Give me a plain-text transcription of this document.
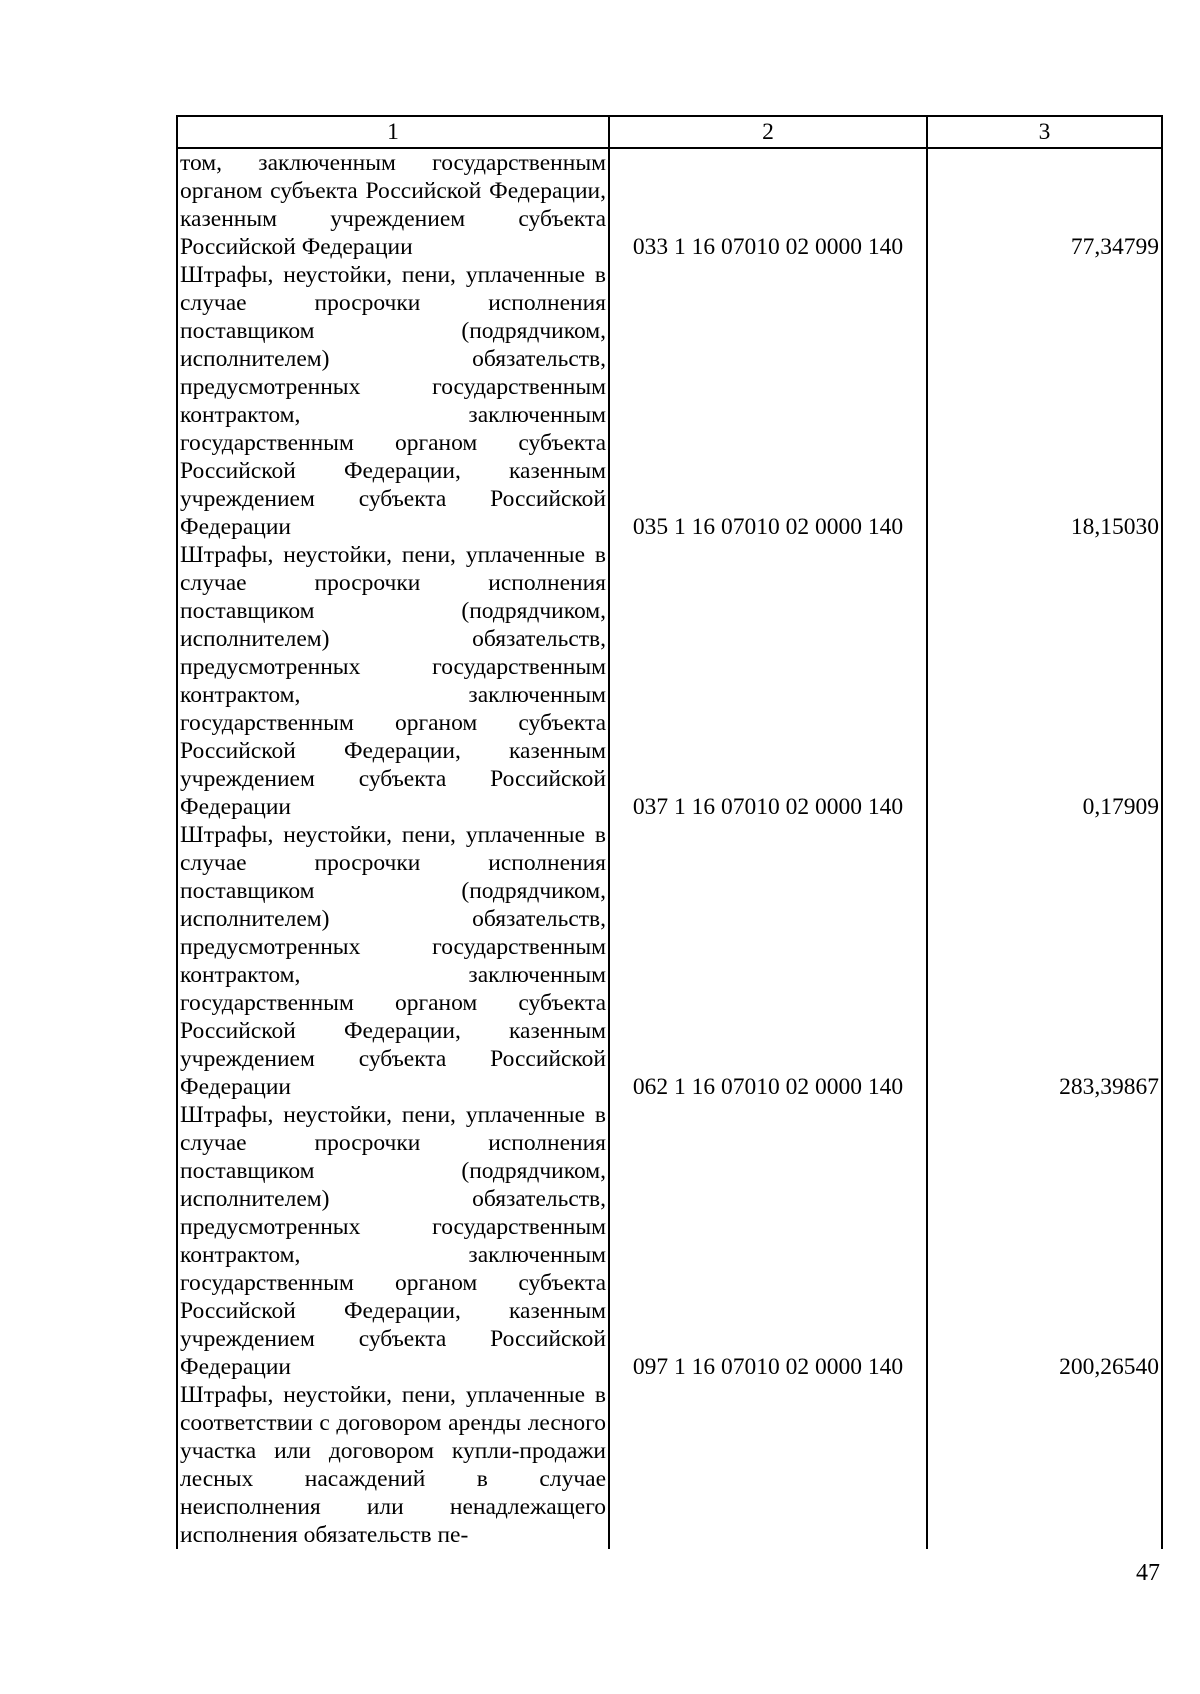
1	2	3
том, заключенным государственным органом субъекта Российской Федерации, казенным учреждением субъекта Российской Федерации	033 1 16 07010 02 0000 140	77,34799
Штрафы, неустойки, пени, уплаченные в случае просрочки исполнения поставщиком (подрядчиком, исполнителем) обязательств, предусмотренных государственным контрактом, заключенным государственным органом субъекта Российской Федерации, казенным учреждением субъекта Российской Федерации	035 1 16 07010 02 0000 140	18,15030
Штрафы, неустойки, пени, уплаченные в случае просрочки исполнения поставщиком (подрядчиком, исполнителем) обязательств, предусмотренных государственным контрактом, заключенным государственным органом субъекта Российской Федерации, казенным учреждением субъекта Российской Федерации	037 1 16 07010 02 0000 140	0,17909
Штрафы, неустойки, пени, уплаченные в случае просрочки исполнения поставщиком (подрядчиком, исполнителем) обязательств, предусмотренных государственным контрактом, заключенным государственным органом субъекта Российской Федерации, казенным учреждением субъекта Российской Федерации	062 1 16 07010 02 0000 140	283,39867
Штрафы, неустойки, пени, уплаченные в случае просрочки исполнения поставщиком (подрядчиком, исполнителем) обязательств, предусмотренных государственным контрактом, заключенным государственным органом субъекта Российской Федерации, казенным учреждением субъекта Российской Федерации	097 1 16 07010 02 0000 140	200,26540
Штрафы, неустойки, пени, уплаченные в соответствии с договором аренды лесного участка или договором купли-продажи лесных насаждений в случае неисполнения или ненадлежащего исполнения обязательств пе-		
47
